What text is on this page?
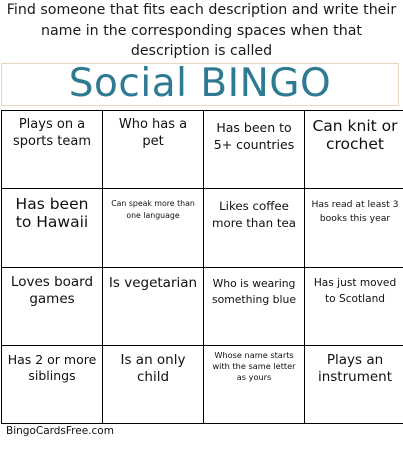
Find someone that fits each description and write their name in the corresponding spaces when that description is called
Social BINGO
Plays on a sports team	Who has a pet	Has been to 5+ countries	Can knit or crochet

Has been to Hawaii	Can speak more than one language	Likes coffee more than tea	Has read at least 3 books this year

Loves board games	Is vegetarian	Who is wearing something blue	Has just moved to Scotland

Has 2 or more siblings	Is an only child	Whose name starts with the same letter as yours	Plays an instrument
BingoCardsFree.com
